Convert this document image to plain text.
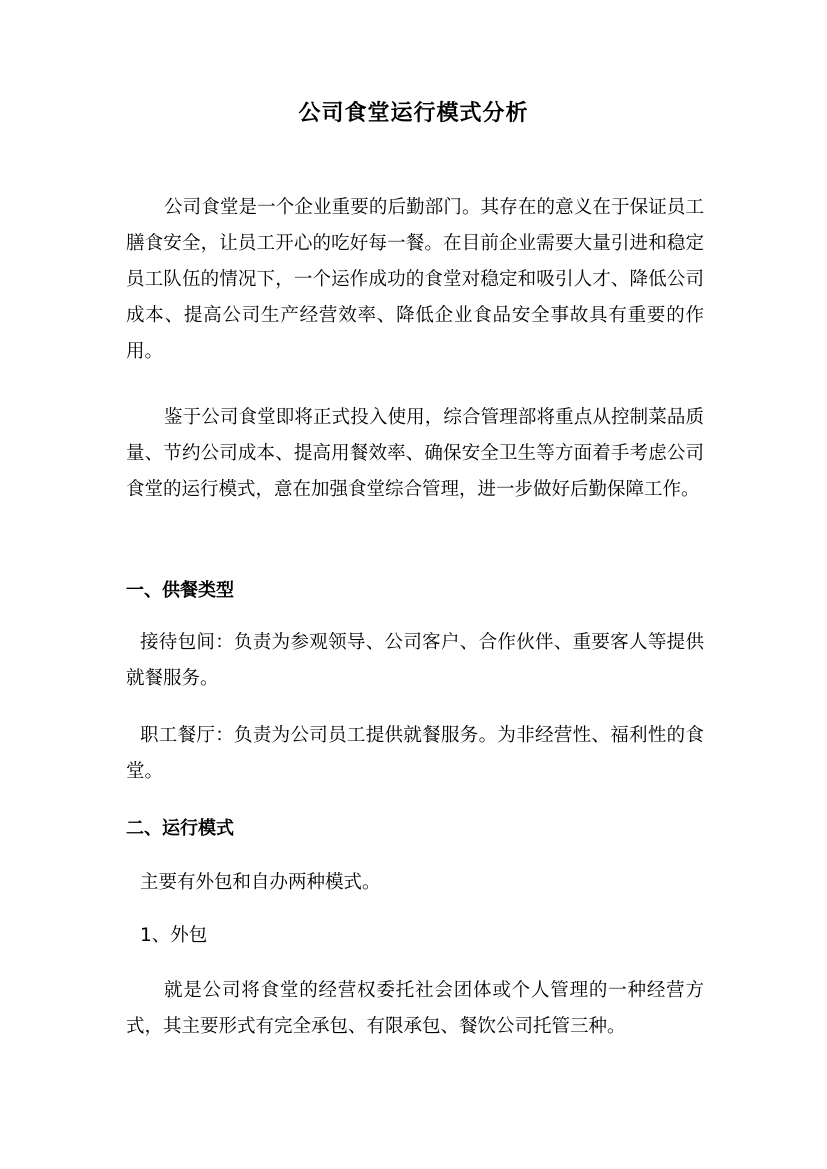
公司食堂运行模式分析

公司食堂是一个企业重要的后勤部门。其存在的意义在于保证员工膳食安全，让员工开心的吃好每一餐。在目前企业需要大量引进和稳定员工队伍的情况下，一个运作成功的食堂对稳定和吸引人才、降低公司成本、提高公司生产经营效率、降低企业食品安全事故具有重要的作用。

鉴于公司食堂即将正式投入使用，综合管理部将重点从控制菜品质量、节约公司成本、提高用餐效率、确保安全卫生等方面着手考虑公司食堂的运行模式，意在加强食堂综合管理，进一步做好后勤保障工作。

一、供餐类型

接待包间：负责为参观领导、公司客户、合作伙伴、重要客人等提供就餐服务。

职工餐厅：负责为公司员工提供就餐服务。为非经营性、福利性的食堂。

二、运行模式

主要有外包和自办两种模式。

1、外包

就是公司将食堂的经营权委托社会团体或个人管理的一种经营方式，其主要形式有完全承包、有限承包、餐饮公司托管三种。
